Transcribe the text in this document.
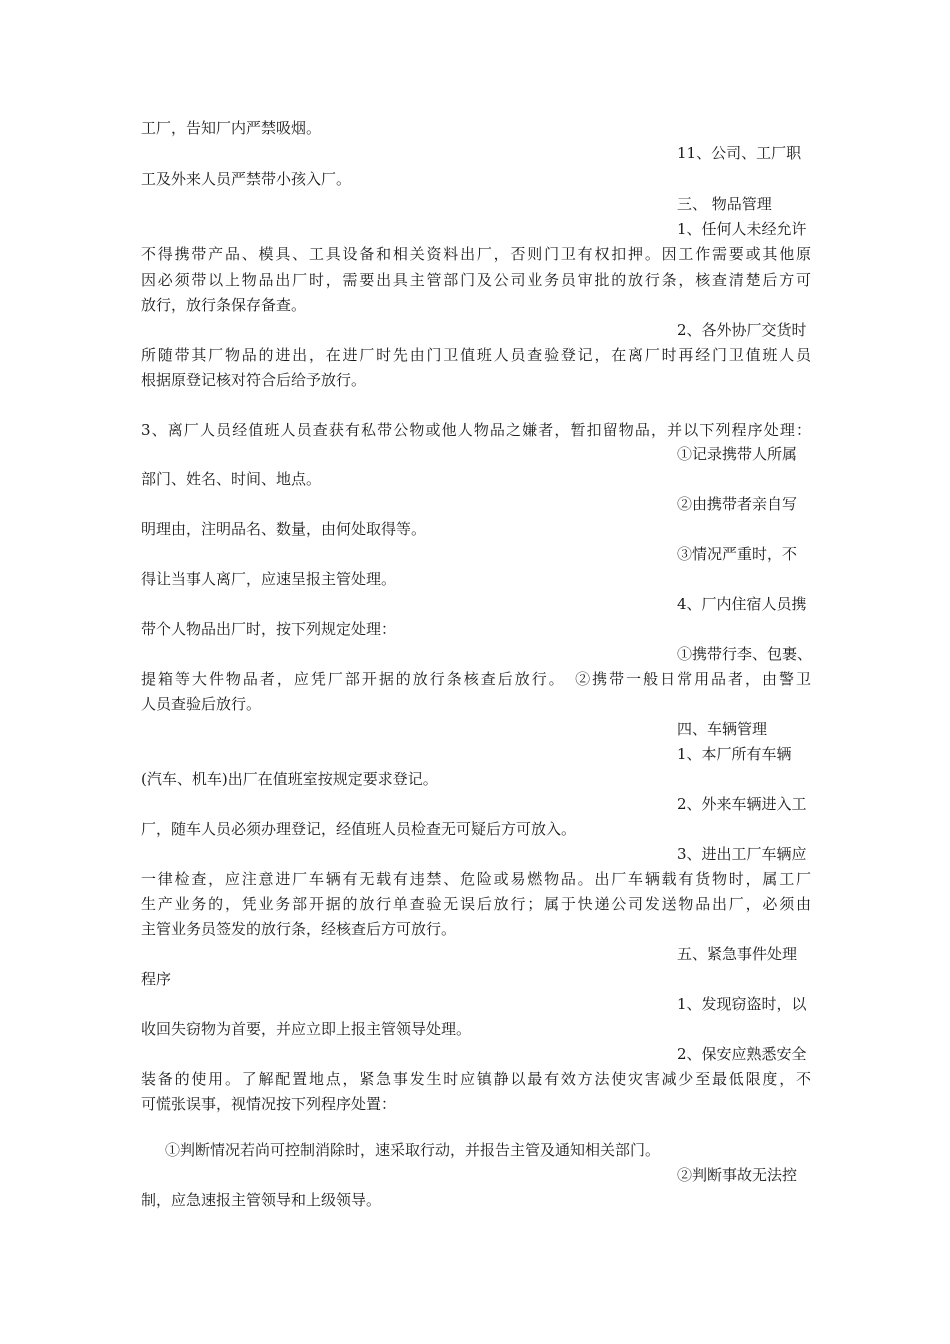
工厂，告知厂内严禁吸烟。
11、公司、工厂职
工及外来人员严禁带小孩入厂。
三、 物品管理
1、任何人未经允许
不得携带产品、模具、工具设备和相关资料出厂，否则门卫有权扣押。因工作需要或其他原
因必须带以上物品出厂时，需要出具主管部门及公司业务员审批的放行条，核查清楚后方可
放行，放行条保存备查。
2、各外协厂交货时
所随带其厂物品的进出，在进厂时先由门卫值班人员查验登记，在离厂时再经门卫值班人员
根据原登记核对符合后给予放行。
3、离厂人员经值班人员查获有私带公物或他人物品之嫌者，暂扣留物品，并以下列程序处理：
①记录携带人所属
部门、姓名、时间、地点。
②由携带者亲自写
明理由，注明品名、数量，由何处取得等。
③情况严重时，不
得让当事人离厂，应速呈报主管处理。
4、厂内住宿人员携
带个人物品出厂时，按下列规定处理：
①携带行李、包裹、
提箱等大件物品者，应凭厂部开据的放行条核查后放行。　②携带一般日常用品者，由警卫
人员查验后放行。
四、车辆管理
1、本厂所有车辆
(汽车、机车)出厂在值班室按规定要求登记。
2、外来车辆进入工
厂，随车人员必须办理登记，经值班人员检查无可疑后方可放入。
3、进出工厂车辆应
一律检查，应注意进厂车辆有无载有违禁、危险或易燃物品。出厂车辆载有货物时，属工厂
生产业务的，凭业务部开据的放行单查验无误后放行；属于快递公司发送物品出厂，必须由
主管业务员签发的放行条，经核查后方可放行。
五、紧急事件处理
程序
1、发现窃盗时，以
收回失窃物为首要，并应立即上报主管领导处理。
2、保安应熟悉安全
装备的使用。了解配置地点，紧急事发生时应镇静以最有效方法使灾害减少至最低限度，不
可慌张误事，视情况按下列程序处置：
①判断情况若尚可控制消除时，速采取行动，并报告主管及通知相关部门。
②判断事故无法控
制，应急速报主管领导和上级领导。
